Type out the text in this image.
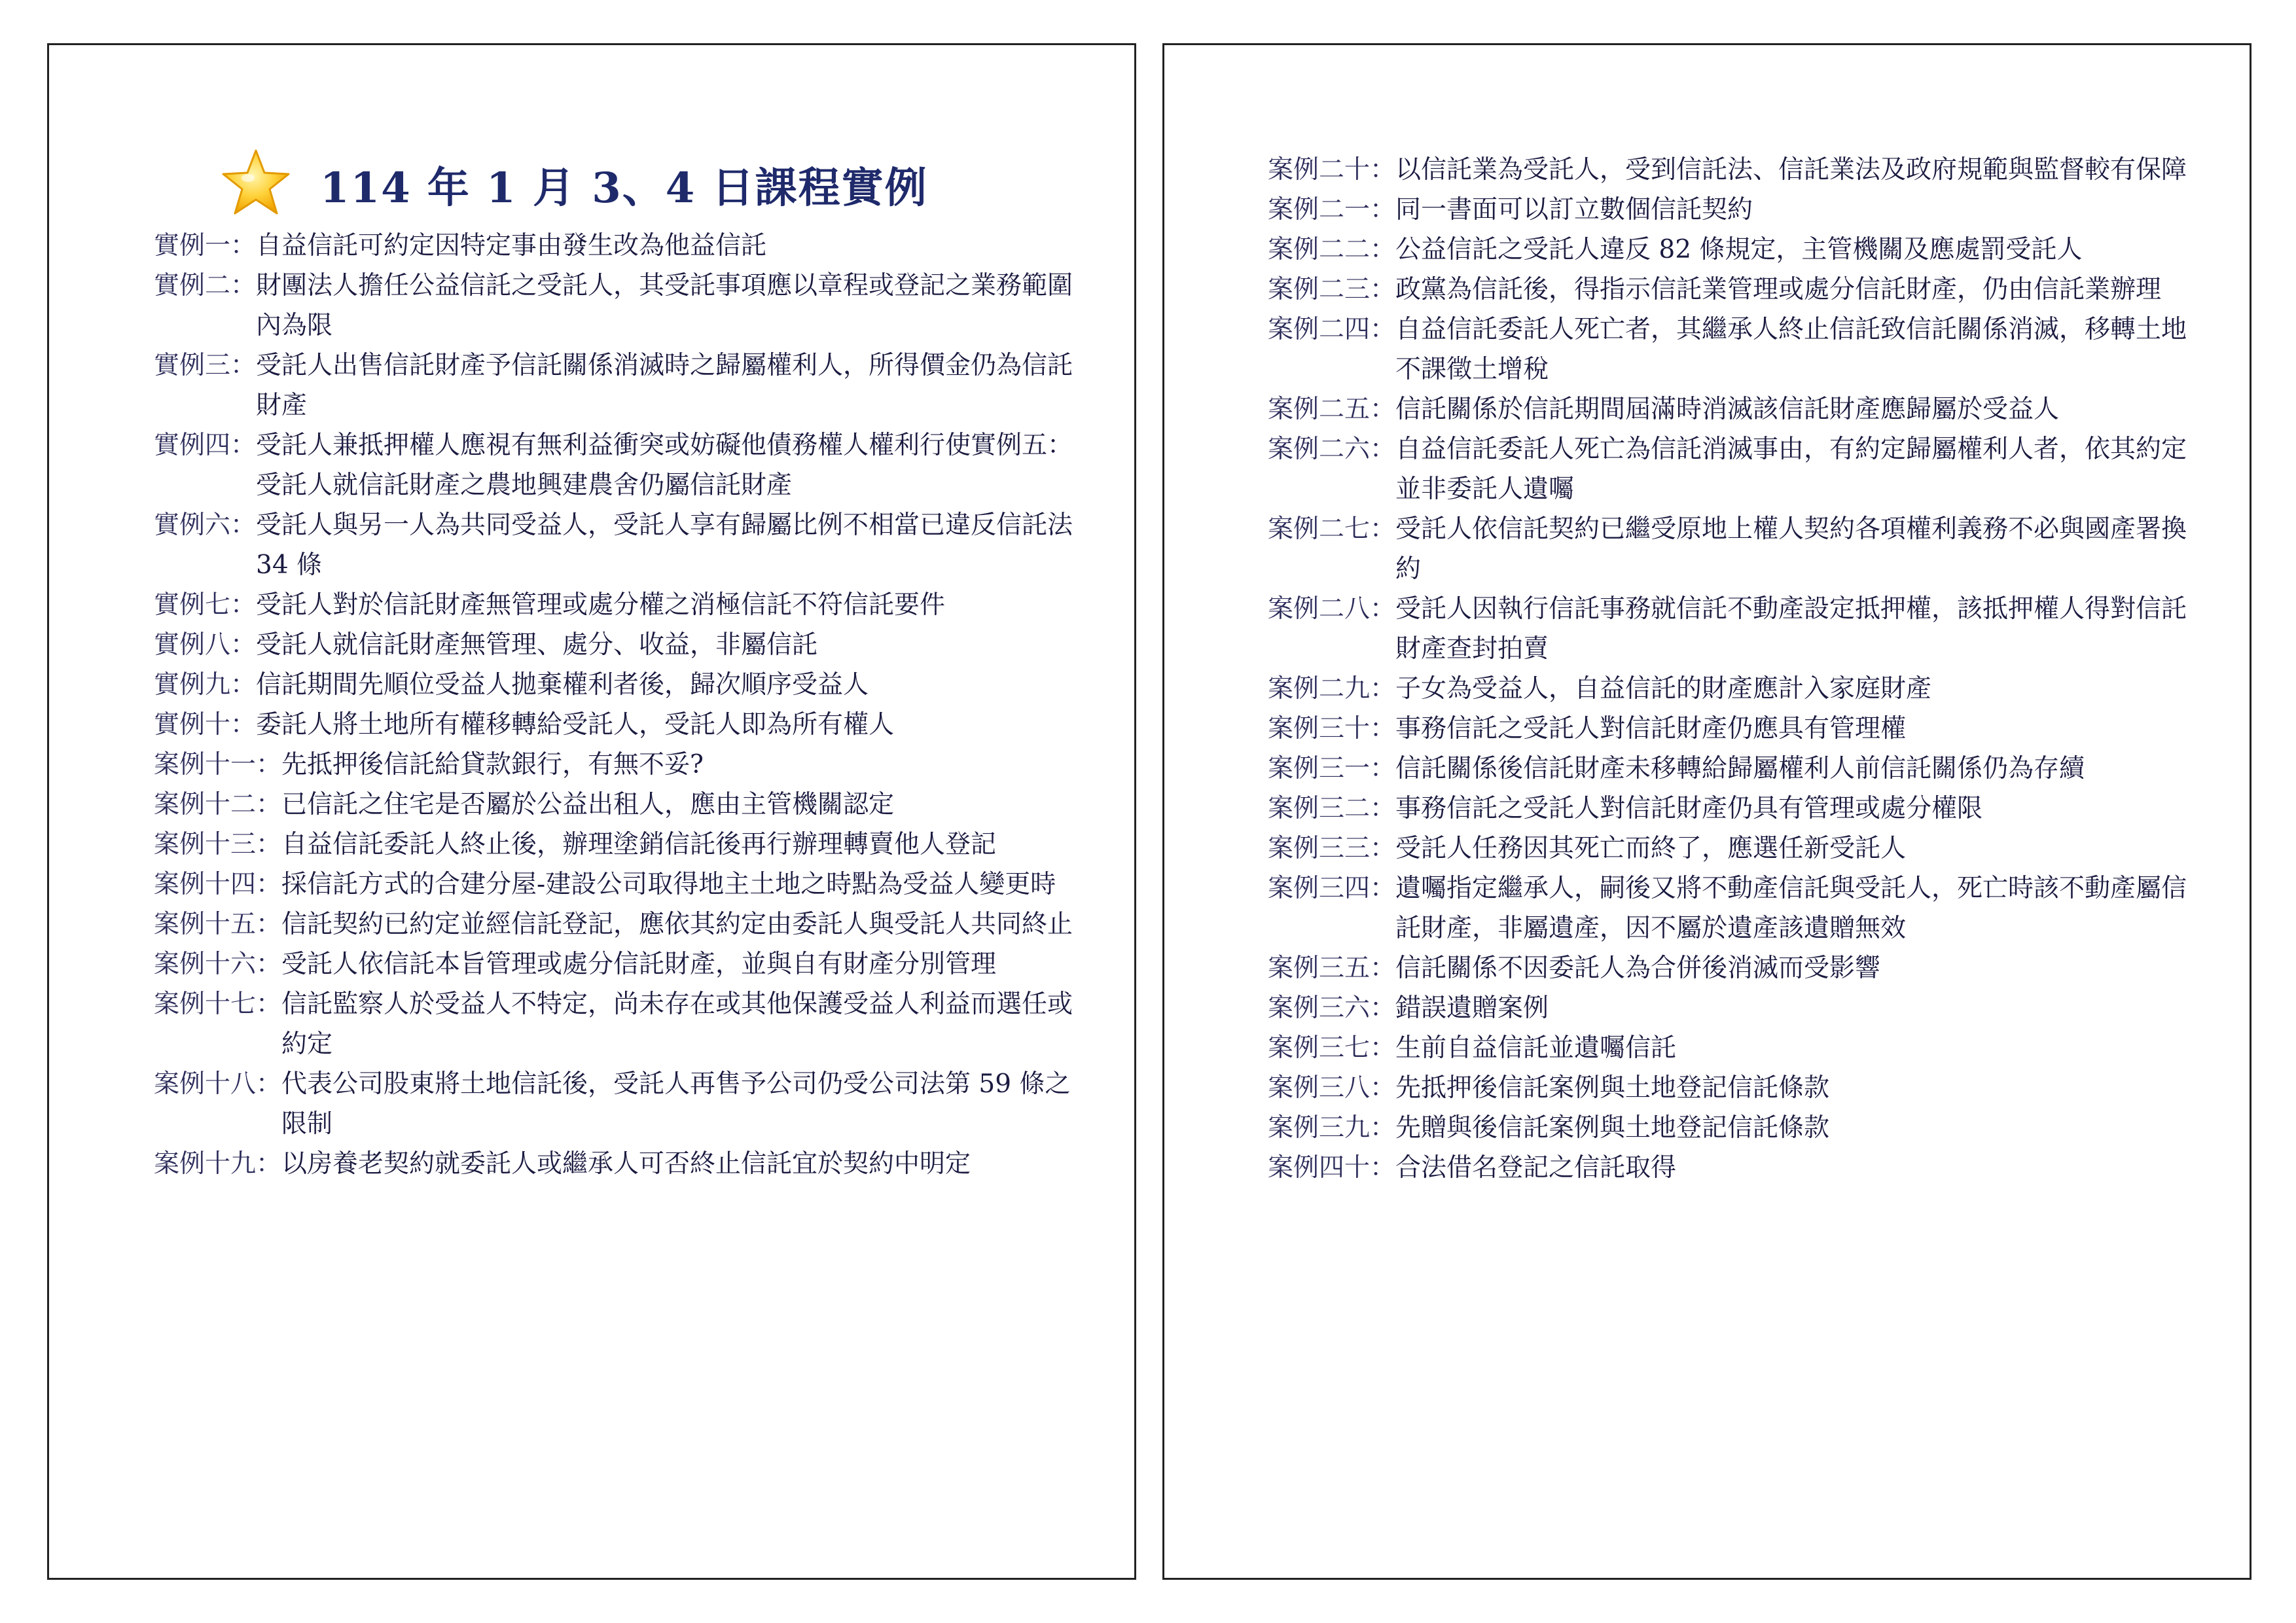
114 年 1 月 3、4 日課程實例
實例一： 自益信託可約定因特定事由發生改為他益信託
實例二： 財團法人擔任公益信託之受託人，其受託事項應以章程或登記之業務範圍內為限
實例三： 受託人出售信託財產予信託關係消滅時之歸屬權利人，所得價金仍為信託財產
實例四： 受託人兼抵押權人應視有無利益衝突或妨礙他債務權人權利行使實例五：受託人就信託財產之農地興建農舍仍屬信託財產
實例六： 受託人與另一人為共同受益人，受託人享有歸屬比例不相當已違反信託法 34 條
實例七： 受託人對於信託財產無管理或處分權之消極信託不符信託要件
實例八： 受託人就信託財產無管理、處分、收益，非屬信託
實例九： 信託期間先順位受益人拋棄權利者後，歸次順序受益人
實例十： 委託人將土地所有權移轉給受託人，受託人即為所有權人
案例十一： 先抵押後信託給貸款銀行，有無不妥?
案例十二： 已信託之住宅是否屬於公益出租人，應由主管機關認定
案例十三： 自益信託委託人終止後，辦理塗銷信託後再行辦理轉賣他人登記
案例十四： 採信託方式的合建分屋-建設公司取得地主土地之時點為受益人變更時
案例十五： 信託契約已約定並經信託登記，應依其約定由委託人與受託人共同終止
案例十六： 受託人依信託本旨管理或處分信託財產，並與自有財產分別管理
案例十七： 信託監察人於受益人不特定，尚未存在或其他保護受益人利益而選任或約定
案例十八： 代表公司股東將土地信託後，受託人再售予公司仍受公司法第 59 條之限制
案例十九： 以房養老契約就委託人或繼承人可否終止信託宜於契約中明定
案例二十： 以信託業為受託人，受到信託法、信託業法及政府規範與監督較有保障
案例二一： 同一書面可以訂立數個信託契約
案例二二： 公益信託之受託人違反 82 條規定，主管機關及應處罰受託人
案例二三： 政黨為信託後，得指示信託業管理或處分信託財產，仍由信託業辦理
案例二四： 自益信託委託人死亡者，其繼承人終止信託致信託關係消滅，移轉土地不課徵土增稅
案例二五： 信託關係於信託期間屆滿時消滅該信託財產應歸屬於受益人
案例二六： 自益信託委託人死亡為信託消滅事由，有約定歸屬權利人者，依其約定並非委託人遺囑
案例二七： 受託人依信託契約已繼受原地上權人契約各項權利義務不必與國產署換約
案例二八： 受託人因執行信託事務就信託不動產設定抵押權，該抵押權人得對信託財產查封拍賣
案例二九： 子女為受益人，自益信託的財產應計入家庭財產
案例三十： 事務信託之受託人對信託財產仍應具有管理權
案例三一： 信託關係後信託財產未移轉給歸屬權利人前信託關係仍為存續
案例三二： 事務信託之受託人對信託財產仍具有管理或處分權限
案例三三： 受託人任務因其死亡而終了，應選任新受託人
案例三四： 遺囑指定繼承人，嗣後又將不動產信託與受託人，死亡時該不動產屬信託財產，非屬遺產，因不屬於遺產該遺贈無效
案例三五： 信託關係不因委託人為合併後消滅而受影響
案例三六： 錯誤遺贈案例
案例三七： 生前自益信託並遺囑信託
案例三八： 先抵押後信託案例與土地登記信託條款
案例三九： 先贈與後信託案例與土地登記信託條款
案例四十： 合法借名登記之信託取得
